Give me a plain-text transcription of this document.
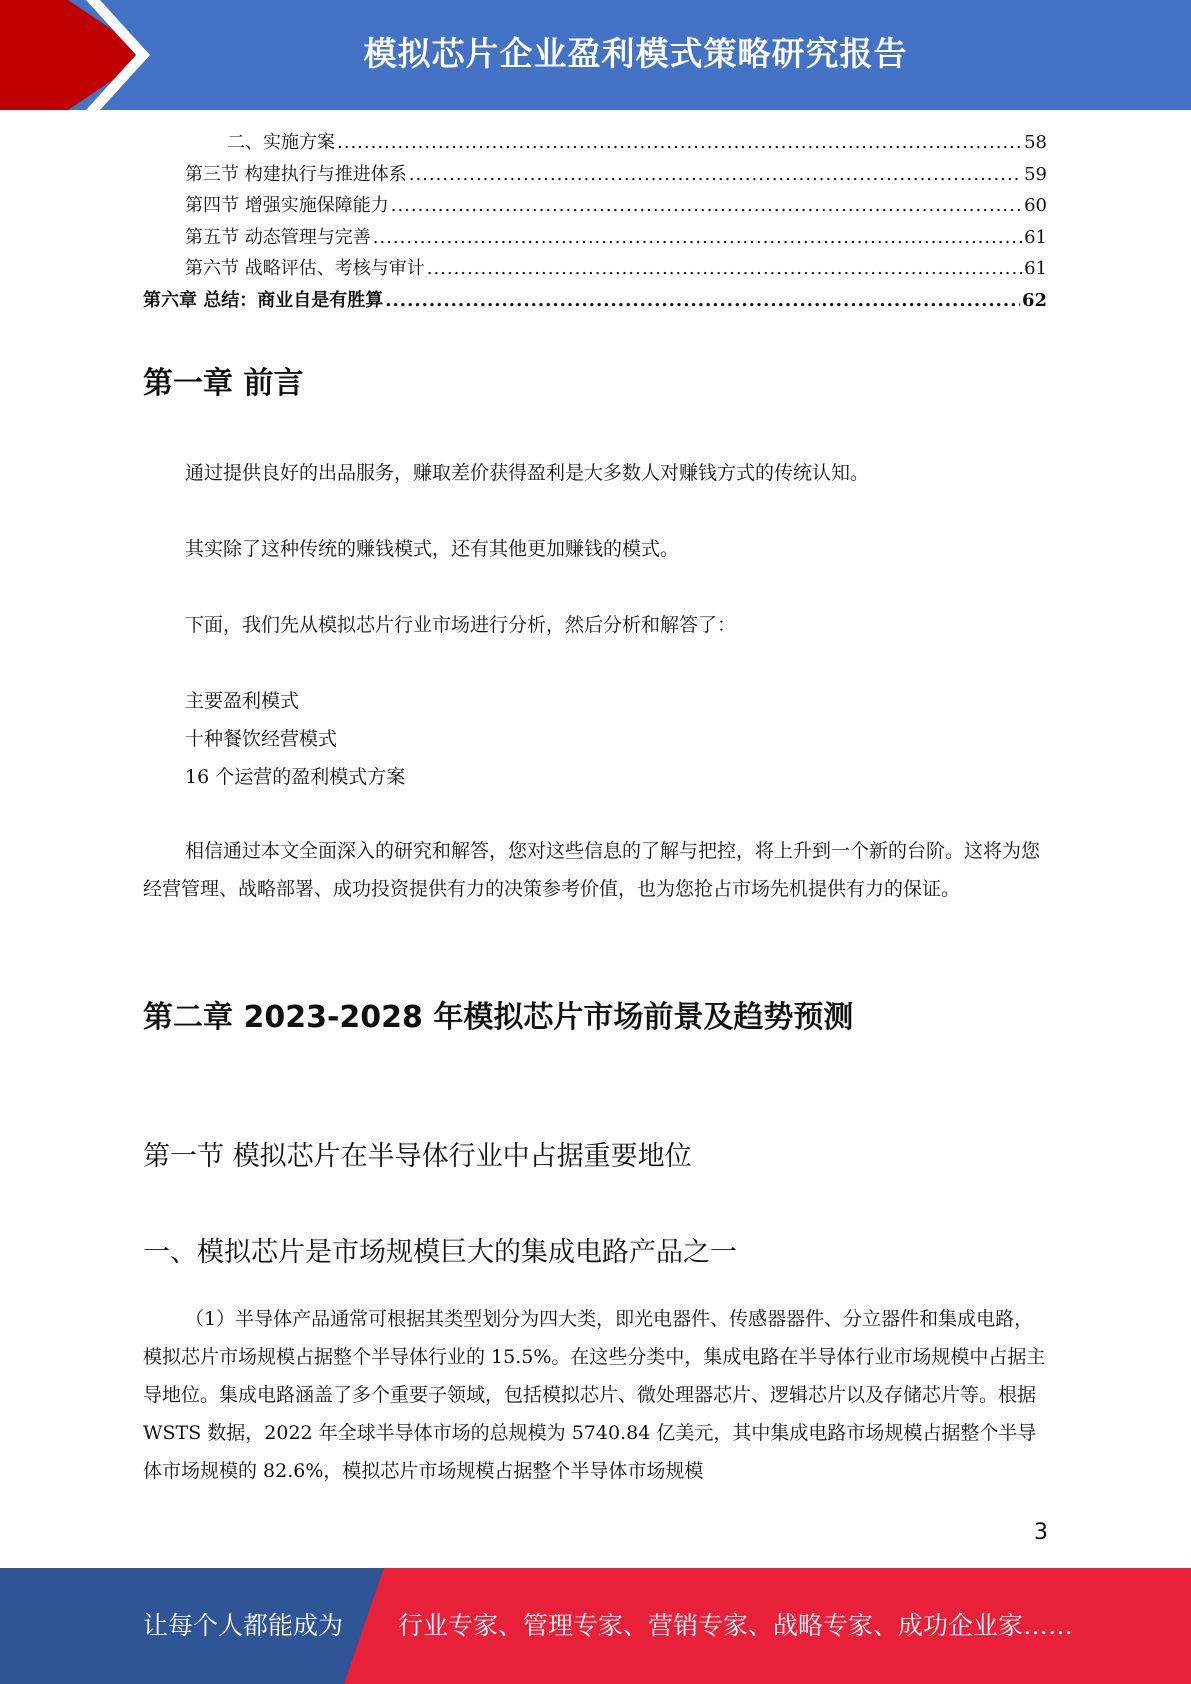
模拟芯片企业盈利模式策略研究报告
二、实施方案 .....	58
第三节 构建执行与推进体系 .....	59
第四节 增强实施保障能力 .....	60
第五节 动态管理与完善 .....	61
第六节 战略评估、考核与审计 .....	61
第六章 总结：商业自是有胜算 .....	62
第一章 前言
通过提供良好的出品服务，赚取差价获得盈利是大多数人对赚钱方式的传统认知。
其实除了这种传统的赚钱模式，还有其他更加赚钱的模式。
下面，我们先从模拟芯片行业市场进行分析，然后分析和解答了：
主要盈利模式
十种餐饮经营模式
16 个运营的盈利模式方案
相信通过本文全面深入的研究和解答，您对这些信息的了解与把控，将上升到一个新的台阶。这将为您经营管理、战略部署、成功投资提供有力的决策参考价值，也为您抢占市场先机提供有力的保证。
第二章 2023-2028 年模拟芯片市场前景及趋势预测
第一节 模拟芯片在半导体行业中占据重要地位
一、模拟芯片是市场规模巨大的集成电路产品之一
（1）半导体产品通常可根据其类型划分为四大类，即光电器件、传感器器件、分立器件和集成电路，模拟芯片市场规模占据整个半导体行业的 15.5%。在这些分类中，集成电路在半导体行业市场规模中占据主导地位。集成电路涵盖了多个重要子领域，包括模拟芯片、微处理器芯片、逻辑芯片以及存储芯片等。根据 WSTS 数据，2022 年全球半导体市场的总规模为 5740.84 亿美元，其中集成电路市场规模占据整个半导体市场规模的 82.6%，模拟芯片市场规模占据整个半导体市场规模
3
让每个人都能成为 行业专家、管理专家、营销专家、战略专家、成功企业家……
